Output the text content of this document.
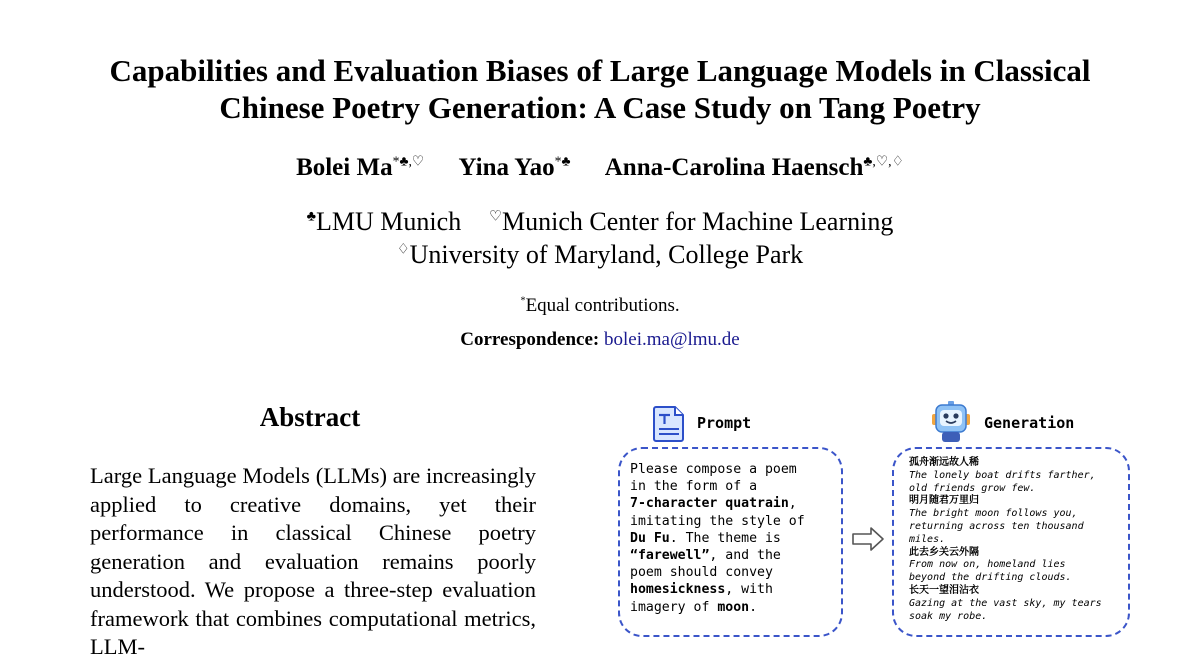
Capabilities and Evaluation Biases of Large Language Models in Classical
Chinese Poetry Generation: A Case Study on Tang Poetry
Bolei Ma*♣,♡ Yina Yao*♣ Anna-Carolina Haensch♣,♡,♢
♣LMU Munich ♡Munich Center for Machine Learning
♢University of Maryland, College Park
*Equal contributions.
Correspondence: bolei.ma@lmu.de
Abstract
Large Language Models (LLMs) are increasingly applied to creative domains, yet their performance in classical Chinese poetry generation and evaluation remains poorly understood. We propose a three-step evaluation framework that combines computational metrics, LLM-
Prompt	Generation
Please compose a poem
in the form of a
7-character quatrain,
imitating the style of
Du Fu. The theme is
“farewell”, and the
poem should convey
homesickness, with
imagery of moon.
孤舟渐远故人稀
The lonely boat drifts farther,
old friends grow few.
明月随君万里归
The bright moon follows you,
returning across ten thousand
miles.
此去乡关云外隔
From now on, homeland lies
beyond the drifting clouds.
长天一望泪沾衣
Gazing at the vast sky, my tears
soak my robe.
